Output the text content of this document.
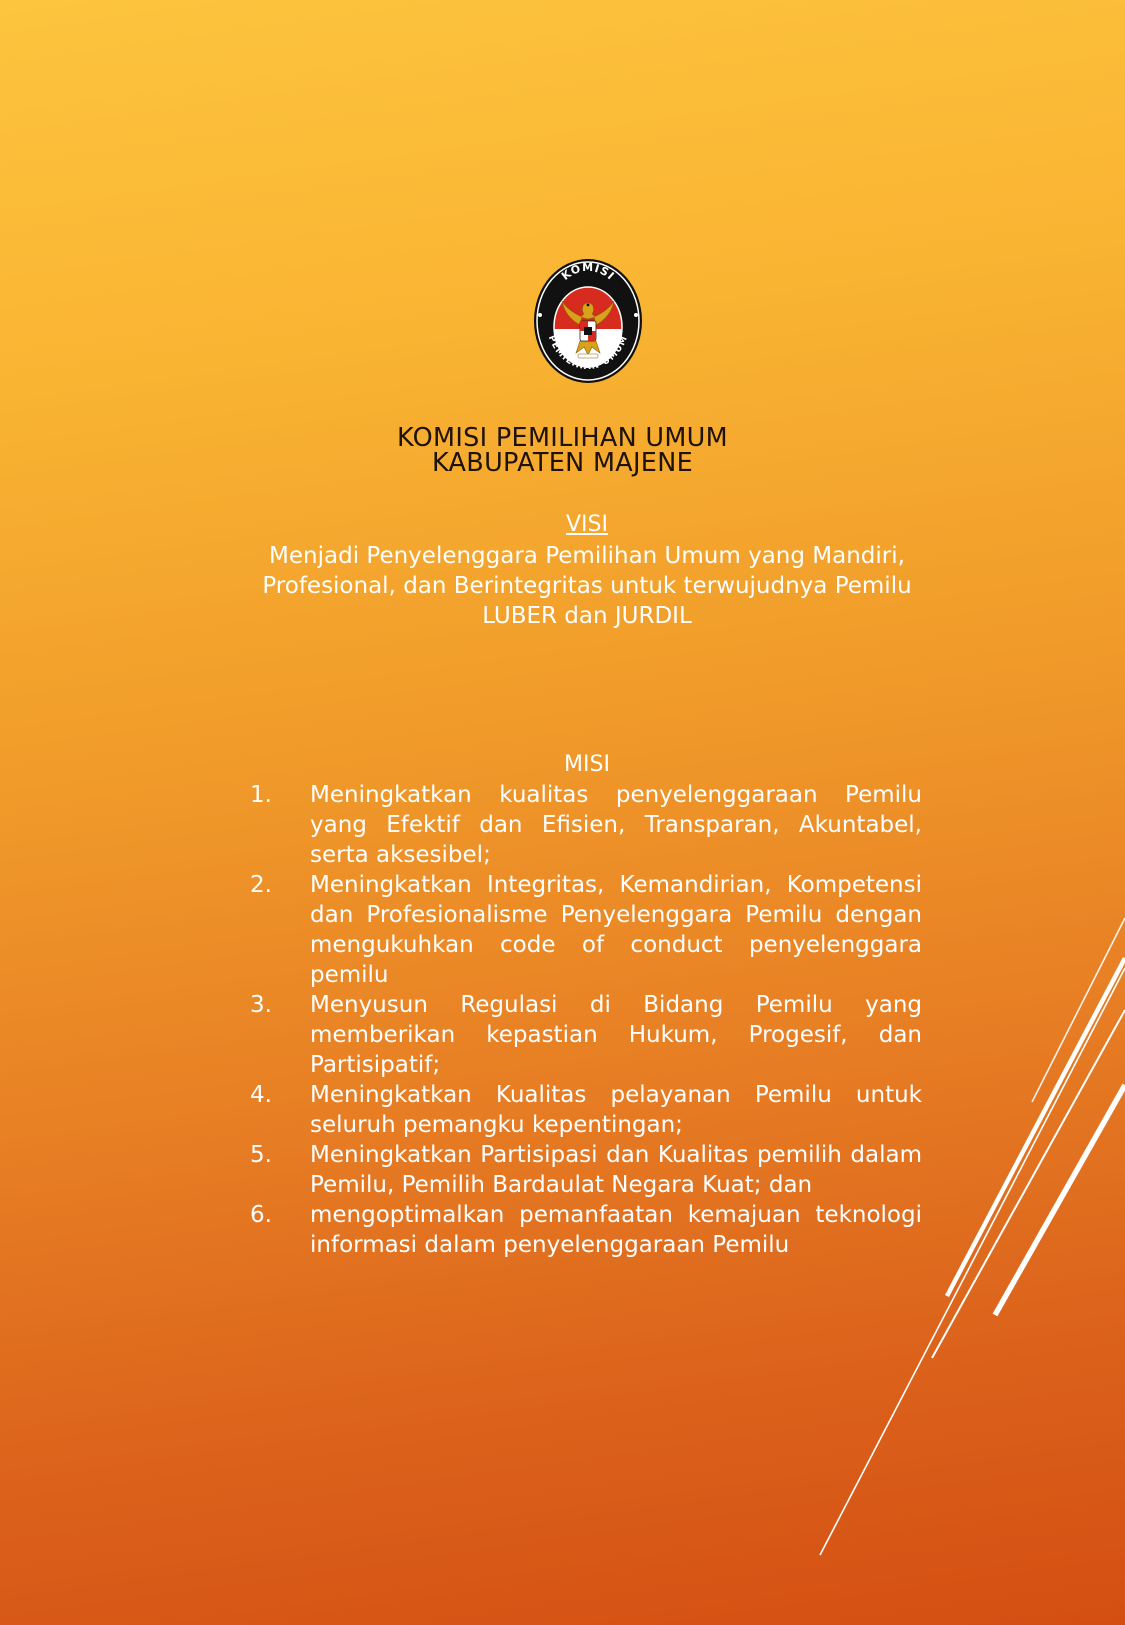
KOMISI
PEMILIHAN UMUM
KOMISI PEMILIHAN UMUM
KABUPATEN MAJENE
VISI
Menjadi Penyelenggara Pemilihan Umum yang Mandiri, Profesional, dan Berintegritas untuk terwujudnya Pemilu LUBER dan JURDIL
MISI
1. Meningkatkan kualitas penyelenggaraan Pemilu yang Efektif dan Efisien, Transparan, Akuntabel, serta aksesibel;
2. Meningkatkan Integritas, Kemandirian, Kompetensi dan Profesionalisme Penyelenggara Pemilu dengan mengukuhkan code of conduct penyelenggara pemilu
3. Menyusun Regulasi di Bidang Pemilu yang memberikan kepastian Hukum, Progesif, dan Partisipatif;
4. Meningkatkan Kualitas pelayanan Pemilu untuk seluruh pemangku kepentingan;
5. Meningkatkan Partisipasi dan Kualitas pemilih dalam Pemilu, Pemilih Bardaulat Negara Kuat; dan
6. mengoptimalkan pemanfaatan kemajuan teknologi informasi dalam penyelenggaraan Pemilu
